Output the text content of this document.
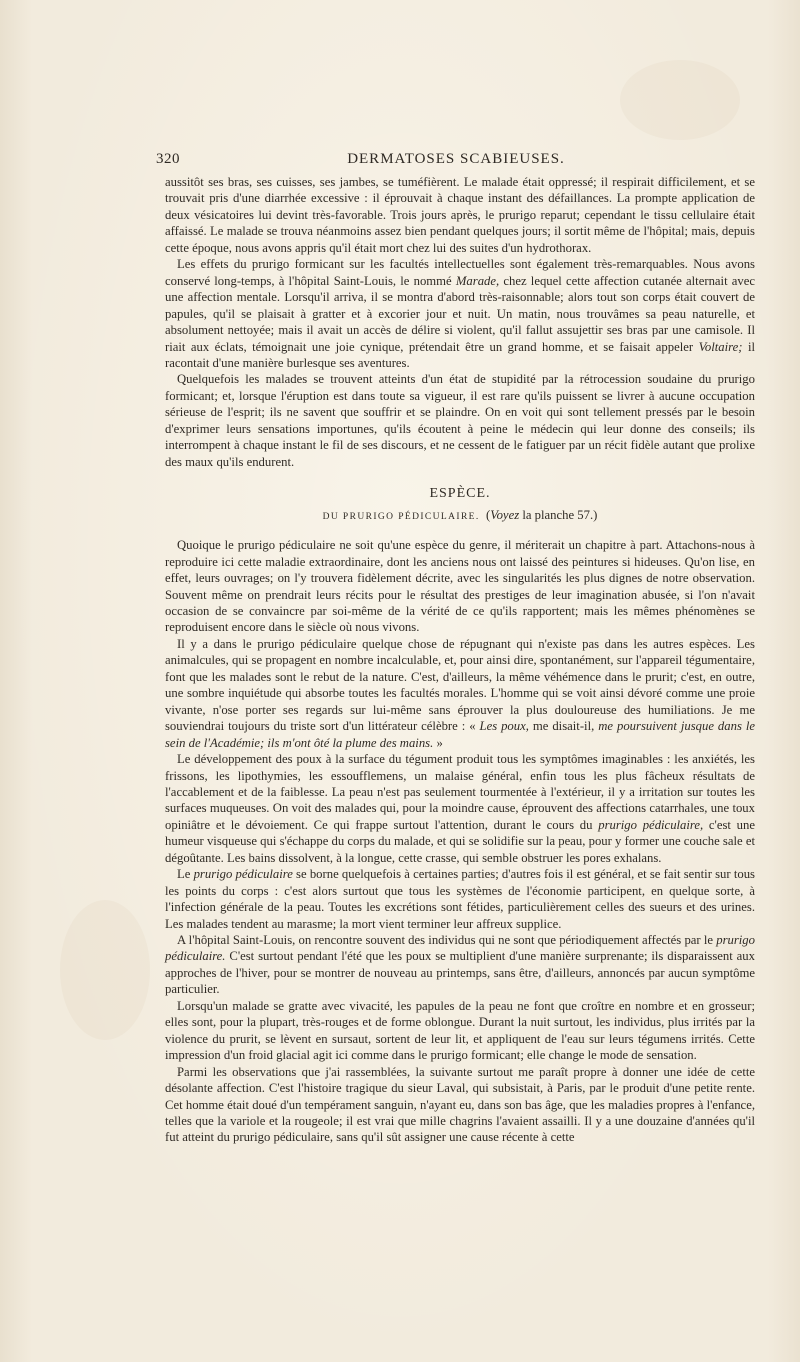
320	DERMATOSES SCABIEUSES.

aussitôt ses bras, ses cuisses, ses jambes, se tuméfièrent. Le malade était oppressé; il respirait difficilement, et se trouvait pris d'une diarrhée excessive : il éprouvait à chaque instant des défaillances. La prompte application de deux vésicatoires lui devint très-favorable. Trois jours après, le prurigo reparut; cependant le tissu cellulaire était affaissé. Le malade se trouva néanmoins assez bien pendant quelques jours; il sortit même de l'hôpital; mais, depuis cette époque, nous avons appris qu'il était mort chez lui des suites d'un hydrothorax.

Les effets du prurigo formicant sur les facultés intellectuelles sont également très-remarquables. Nous avons conservé long-temps, à l'hôpital Saint-Louis, le nommé Marade, chez lequel cette affection cutanée alternait avec une affection mentale. Lorsqu'il arriva, il se montra d'abord très-raisonnable; alors tout son corps était couvert de papules, qu'il se plaisait à gratter et à excorier jour et nuit. Un matin, nous trouvâmes sa peau naturelle, et absolument nettoyée; mais il avait un accès de délire si violent, qu'il fallut assujettir ses bras par une camisole. Il riait aux éclats, témoignait une joie cynique, prétendait être un grand homme, et se faisait appeler Voltaire; il racontait d'une manière burlesque ses aventures.

Quelquefois les malades se trouvent atteints d'un état de stupidité par la rétrocession soudaine du prurigo formicant; et, lorsque l'éruption est dans toute sa vigueur, il est rare qu'ils puissent se livrer à aucune occupation sérieuse de l'esprit; ils ne savent que souffrir et se plaindre. On en voit qui sont tellement pressés par le besoin d'exprimer leurs sensations importunes, qu'ils écoutent à peine le médecin qui leur donne des conseils; ils interrompent à chaque instant le fil de ses discours, et ne cessent de le fatiguer par un récit fidèle autant que prolixe des maux qu'ils endurent.

ESPÈCE.
DU PRURIGO PÉDICULAIRE. (Voyez la planche 57.)

Quoique le prurigo pédiculaire ne soit qu'une espèce du genre, il mériterait un chapitre à part. Attachons-nous à reproduire ici cette maladie extraordinaire, dont les anciens nous ont laissé des peintures si hideuses. Qu'on lise, en effet, leurs ouvrages; on l'y trouvera fidèlement décrite, avec les singularités les plus dignes de notre observation. Souvent même on prendrait leurs récits pour le résultat des prestiges de leur imagination abusée, si l'on n'avait occasion de se convaincre par soi-même de la vérité de ce qu'ils rapportent; mais les mêmes phénomènes se reproduisent encore dans le siècle où nous vivons.

Il y a dans le prurigo pédiculaire quelque chose de répugnant qui n'existe pas dans les autres espèces. Les animalcules, qui se propagent en nombre incalculable, et, pour ainsi dire, spontanément, sur l'appareil tégumentaire, font que les malades sont le rebut de la nature. C'est, d'ailleurs, la même véhémence dans le prurit; c'est, en outre, une sombre inquiétude qui absorbe toutes les facultés morales. L'homme qui se voit ainsi dévoré comme une proie vivante, n'ose porter ses regards sur lui-même sans éprouver la plus douloureuse des humiliations. Je me souviendrai toujours du triste sort d'un littérateur célèbre : « Les poux, me disait-il, me poursuivent jusque dans le sein de l'Académie; ils m'ont ôté la plume des mains. »

Le développement des poux à la surface du tégument produit tous les symptômes imaginables : les anxiétés, les frissons, les lipothymies, les essoufflemens, un malaise général, enfin tous les plus fâcheux résultats de l'accablement et de la faiblesse. La peau n'est pas seulement tourmentée à l'extérieur, il y a irritation sur toutes les surfaces muqueuses. On voit des malades qui, pour la moindre cause, éprouvent des affections catarrhales, une toux opiniâtre et le dévoiement. Ce qui frappe surtout l'attention, durant le cours du prurigo pédiculaire, c'est une humeur visqueuse qui s'échappe du corps du malade, et qui se solidifie sur la peau, pour y former une couche sale et dégoûtante. Les bains dissolvent, à la longue, cette crasse, qui semble obstruer les pores exhalans.

Le prurigo pédiculaire se borne quelquefois à certaines parties; d'autres fois il est général, et se fait sentir sur tous les points du corps : c'est alors surtout que tous les systèmes de l'économie participent, en quelque sorte, à l'infection générale de la peau. Toutes les excrétions sont fétides, particulièrement celles des sueurs et des urines. Les malades tendent au marasme; la mort vient terminer leur affreux supplice.

A l'hôpital Saint-Louis, on rencontre souvent des individus qui ne sont que périodiquement affectés par le prurigo pédiculaire. C'est surtout pendant l'été que les poux se multiplient d'une manière surprenante; ils disparaissent aux approches de l'hiver, pour se montrer de nouveau au printemps, sans être, d'ailleurs, annoncés par aucun symptôme particulier.

Lorsqu'un malade se gratte avec vivacité, les papules de la peau ne font que croître en nombre et en grosseur; elles sont, pour la plupart, très-rouges et de forme oblongue. Durant la nuit surtout, les individus, plus irrités par la violence du prurit, se lèvent en sursaut, sortent de leur lit, et appliquent de l'eau sur leurs tégumens irrités. Cette impression d'un froid glacial agit ici comme dans le prurigo formicant; elle change le mode de sensation.

Parmi les observations que j'ai rassemblées, la suivante surtout me paraît propre à donner une idée de cette désolante affection. C'est l'histoire tragique du sieur Laval, qui subsistait, à Paris, par le produit d'une petite rente. Cet homme était doué d'un tempérament sanguin, n'ayant eu, dans son bas âge, que les maladies propres à l'enfance, telles que la variole et la rougeole; il est vrai que mille chagrins l'avaient assailli. Il y a une douzaine d'années qu'il fut atteint du prurigo pédiculaire, sans qu'il sût assigner une cause récente à cette
